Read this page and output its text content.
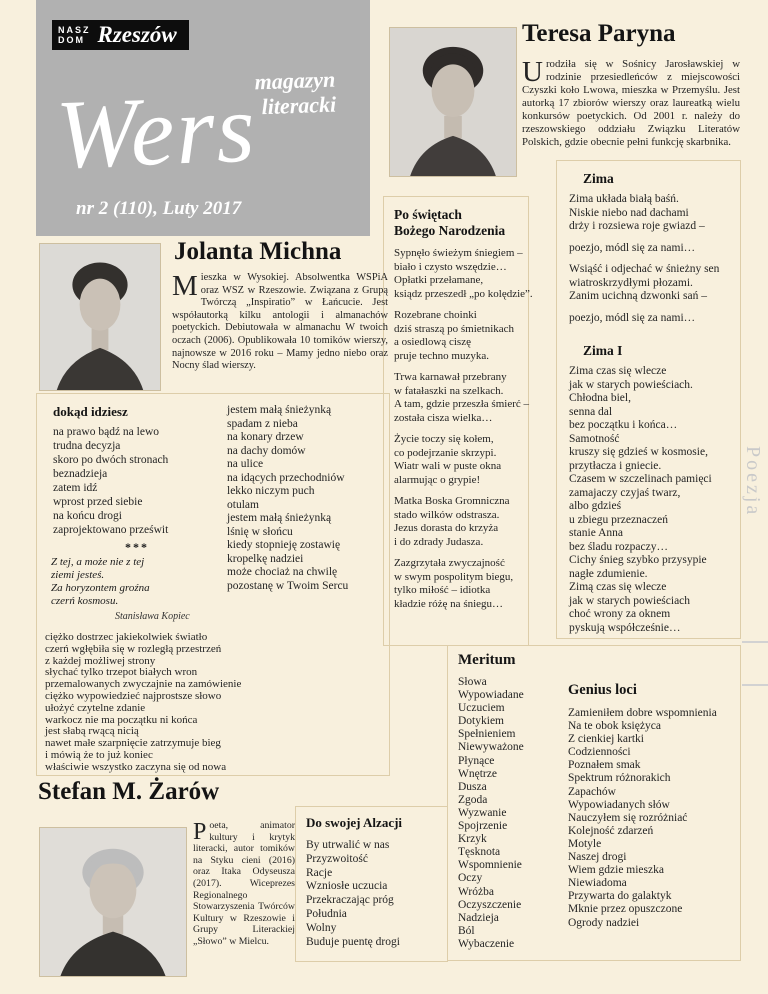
NASZ
DOM Rzeszów
magazyn
literacki
Wers
nr 2 (110), Luty 2017
Teresa Paryna
Urodziła się w Sośnicy Jarosławskiej w rodzinie przesiedleńców z miejscowości Czyszki koło Lwowa, mieszka w Przemyślu. Jest autorką 17 zbiorów wierszy oraz laureatką wielu konkursów poetyckich. Od 2001 r. należy do rzeszowskiego oddziału Związku Literatów Polskich, gdzie obecnie pełni funkcję skarbnika.
Zima
Zima układa białą baśń.
Niskie niebo nad dachami
drży i rozsiewa roje gwiazd –
poezjo, módl się za nami…
Wsiąść i odjechać w śnieżny sen
wiatroskrzydłymi płozami.
Zanim ucichną dzwonki sań –
poezjo, módl się za nami…
Zima I
Zima czas się wlecze
jak w starych powieściach.
Chłodna biel,
senna dal
bez początku i końca…
Samotność
kruszy się gdzieś w kosmosie,
przytłacza i gniecie.
Czasem w szczelinach pamięci
zamajaczy czyjaś twarz,
albo gdzieś
u zbiegu przeznaczeń
stanie Anna
bez śladu rozpaczy…
Cichy śnieg szybko przysypie
nagłe zdumienie.
Zimą czas się wlecze
jak w starych powieściach
choć wrony za oknem
pyskują współcześnie…
Po świętach
Bożego Narodzenia
Sypnęło świeżym śniegiem –
biało i czysto wszędzie…
Opłatki przełamane,
ksiądz przeszedł „po kolędzie”.
Rozebrane choinki
dziś straszą po śmietnikach
a osiedlową ciszę
pruje techno muzyka.
Trwa karnawał przebrany
w fatałaszki na szelkach.
A tam, gdzie przeszła śmierć –
została cisza wielka…
Życie toczy się kołem,
co podejrzanie skrzypi.
Wiatr wali w puste okna
alarmując o grypie!
Matka Boska Gromniczna
stado wilków odstrasza.
Jezus dorasta do krzyża
i do zdrady Judasza.
Zazgrzytała zwyczajność
w swym pospolitym biegu,
tylko miłość – idiotka
kładzie różę na śniegu…
Jolanta Michna
Mieszka w Wysokiej. Absolwentka WSPiA oraz WSZ w Rzeszowie. Związana z Grupą Twórczą „Inspiratio” w Łańcucie. Jest współautorką kilku antologii i almanachów poetyckich. Debiutowała w almanachu W twoich oczach (2006). Opublikowała 10 tomików wierszy, najnowsze w 2016 roku – Mamy jedno niebo oraz Nocny ślad wierszy.
dokąd idziesz
na prawo bądź na lewo
trudna decyzja
skoro po dwóch stronach
beznadzieja
zatem idź
wprost przed siebie
na końcu drogi
zaprojektowano prześwit
jestem małą śnieżynką
spadam z nieba
na konary drzew
na dachy domów
na ulice
na idących przechodniów
lekko niczym puch
otulam
jestem małą śnieżynką
lśnię w słońcu
kiedy stopnieję zostawię
kropelkę nadziei
może chociaż na chwilę
pozostanę w Twoim Sercu
***
Z tej, a może nie z tej
ziemi jesteś.
Za horyzontem groźna
czerń kosmosu.
Stanisława Kopiec
ciężko dostrzec jakiekolwiek światło
czerń wgłębiła się w rozległą przestrzeń
z każdej możliwej strony
słychać tylko trzepot białych wron
przemalowanych zwyczajnie na zamówienie
ciężko wypowiedzieć najprostsze słowo
ułożyć czytelne zdanie
warkocz nie ma początku ni końca
jest słabą rwącą nicią
nawet małe szarpnięcie zatrzymuje bieg
i mówią że to już koniec
właściwie wszystko zaczyna się od nowa
Stefan M. Żarów
Poeta, animator kultury i krytyk literacki, autor tomików na Styku cieni (2016) oraz Itaka Odyseusza (2017). Wiceprezes Regionalnego Stowarzyszenia Twórców Kultury w Rzeszowie i Grupy Literackiej „Słowo” w Mielcu.
Do swojej Alzacji
By utrwalić w nas
Przyzwoitość
Racje
Wzniosłe uczucia
Przekraczając próg
Południa
Wolny
Buduje puentę drogi
Meritum
Słowa
Wypowiadane
Uczuciem
Dotykiem
Spełnieniem
Niewyważone
Płynące
Wnętrze
Dusza
Zgoda
Wyzwanie
Spojrzenie
Krzyk
Tęsknota
Wspomnienie
Oczy
Wróżba
Oczyszczenie
Nadzieja
Ból
Wybaczenie
Genius loci
Zamieniłem dobre wspomnienia
Na te obok księżyca
Z cienkiej kartki
Codzienności
Poznałem smak
Spektrum różnorakich
Zapachów
Wypowiadanych słów
Nauczyłem się rozróżniać
Kolejność zdarzeń
Motyle
Naszej drogi
Wiem gdzie mieszka
Niewiadoma
Przywarta do galaktyk
Mknie przez opuszczone
Ogrody nadziei
Poezja
